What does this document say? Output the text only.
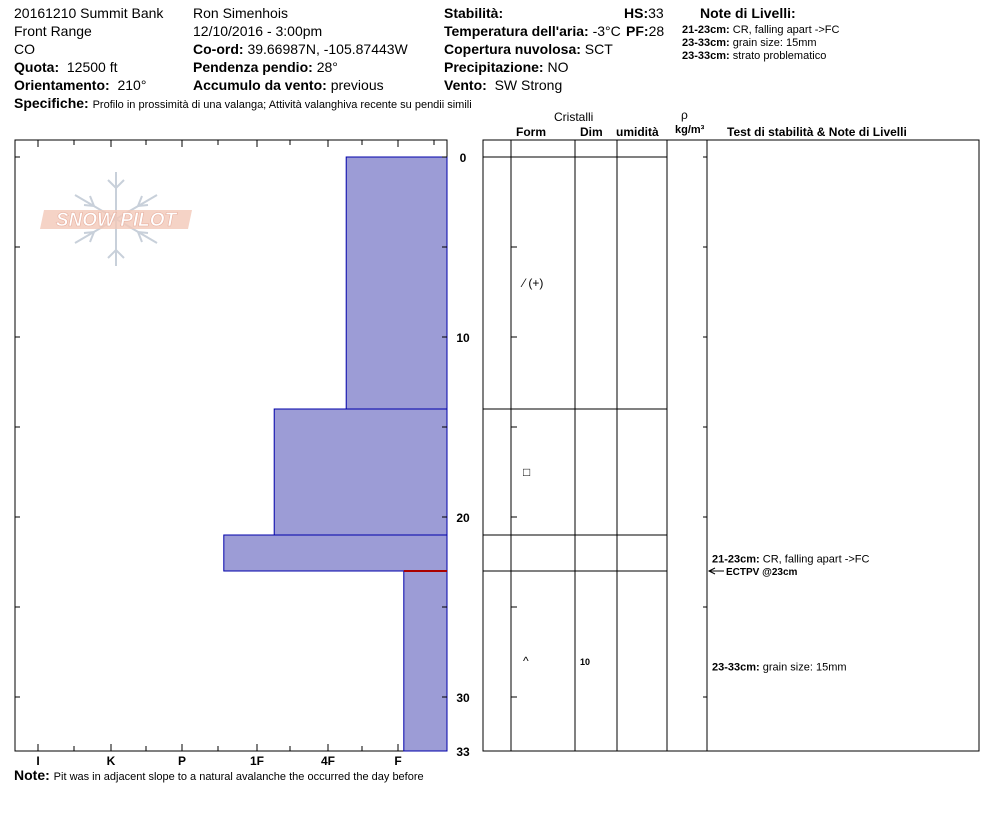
20161210 Summit Bank
Front Range
CO
Quota: 12500 ft
Orientamento: 210°
Specifiche: Profilo in prossimità di una valanga; Attività valanghiva recente su pendii simili
Ron Simenhois
12/10/2016 - 3:00pm
Co-ord: 39.66987N, -105.87443W
Pendenza pendio: 28°
Accumulo da vento: previous
Stabilità:
Temperatura dell'aria: -3°C
Copertura nuvolosa: SCT
Precipitazione: NO
Vento: SW Strong
HS:33
PF:28
Note di Livelli:
21-23cm: CR, falling apart ->FC
23-33cm: grain size: 15mm
23-33cm: strato problematico
Cristalli
Form	Dim umidità
ρ
kg/m³ Test di stabilità & Note di Livelli
Note: Pit was in adjacent slope to a natural avalanche the occurred the day before
SNOW PILOT
I	K	P	1F	4F	F
0
10
20
30
33
⁄ (+)
□
^	10
21-23cm: CR, falling apart ->FC
23-33cm: grain size: 15mm
ECTPV @23cm
